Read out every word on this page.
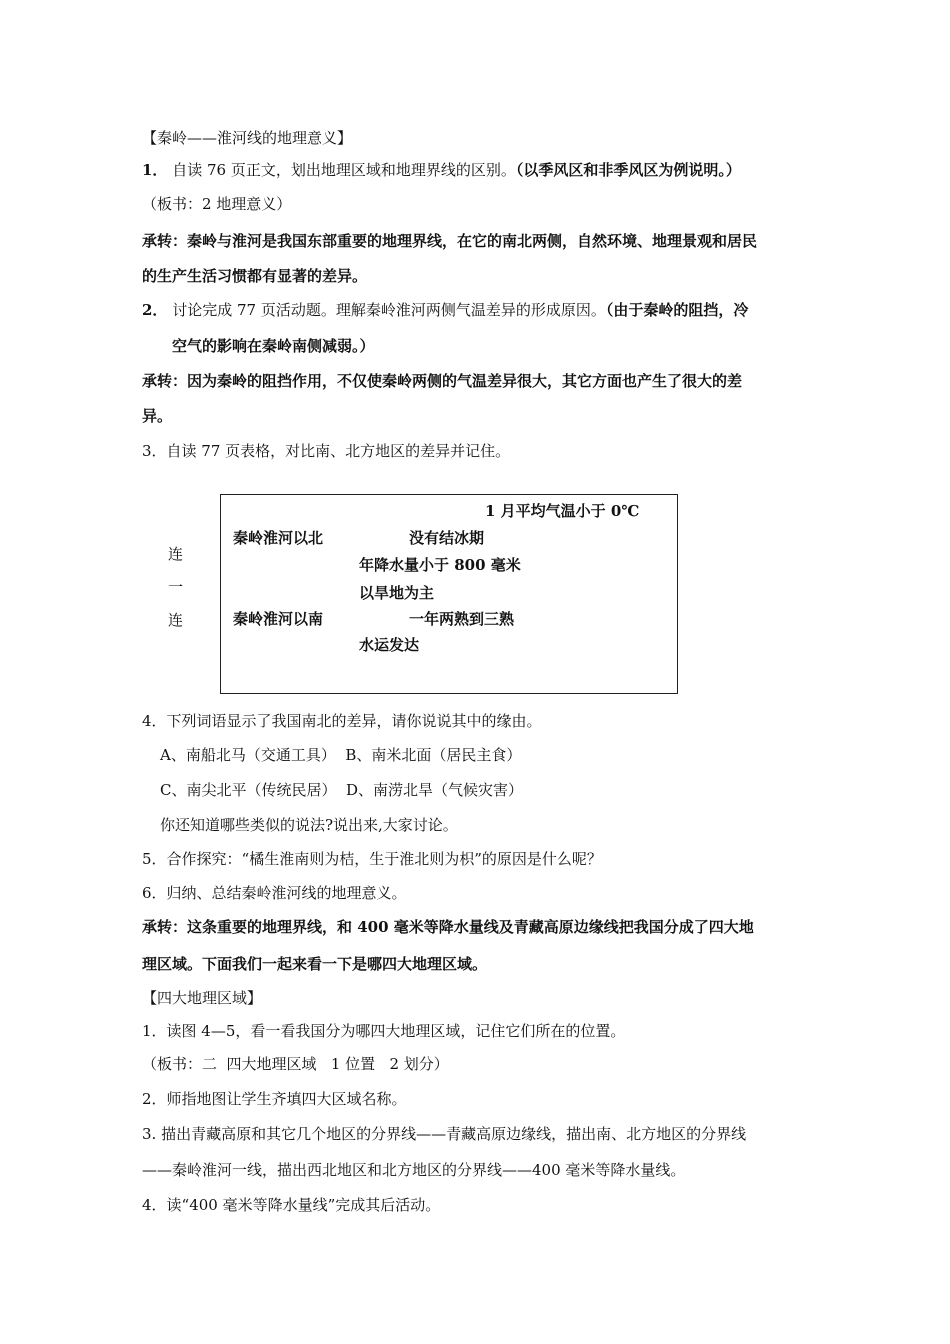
【秦岭——淮河线的地理意义】
1． 自读 76 页正文，划出地理区域和地理界线的区别。（以季风区和非季风区为例说明。）
（板书：2 地理意义）
承转：秦岭与淮河是我国东部重要的地理界线，在它的南北两侧，自然环境、地理景观和居民
的生产生活习惯都有显著的差异。
2． 讨论完成 77 页活动题。理解秦岭淮河两侧气温差异的形成原因。（由于秦岭的阻挡，冷
空气的影响在秦岭南侧减弱。）
承转：因为秦岭的阻挡作用，不仅使秦岭两侧的气温差异很大，其它方面也产生了很大的差
异。
3．自读 77 页表格，对比南、北方地区的差异并记住。
连
一
连
1 月平均气温小于 0℃
秦岭淮河以北	没有结冰期
年降水量小于 800 毫米
以旱地为主
秦岭淮河以南	一年两熟到三熟
水运发达
4．下列词语显示了我国南北的差异，请你说说其中的缘由。
A、南船北马（交通工具）  B、南米北面（居民主食）
C、南尖北平（传统民居）  D、南涝北旱（气候灾害）
你还知道哪些类似的说法?说出来,大家讨论。
5．合作探究：“橘生淮南则为桔，生于淮北则为枳”的原因是什么呢？
6．归纳、总结秦岭淮河线的地理意义。
承转：这条重要的地理界线，和 400 毫米等降水量线及青藏高原边缘线把我国分成了四大地
理区域。下面我们一起来看一下是哪四大地理区域。
【四大地理区域】
1．读图 4—5，看一看我国分为哪四大地理区域，记住它们所在的位置。
（板书：二  四大地理区域   1 位置   2 划分）
2．师指地图让学生齐填四大区域名称。
3. 描出青藏高原和其它几个地区的分界线——青藏高原边缘线，描出南、北方地区的分界线
——秦岭淮河一线，描出西北地区和北方地区的分界线——400 毫米等降水量线。
4．读“400 毫米等降水量线”完成其后活动。
